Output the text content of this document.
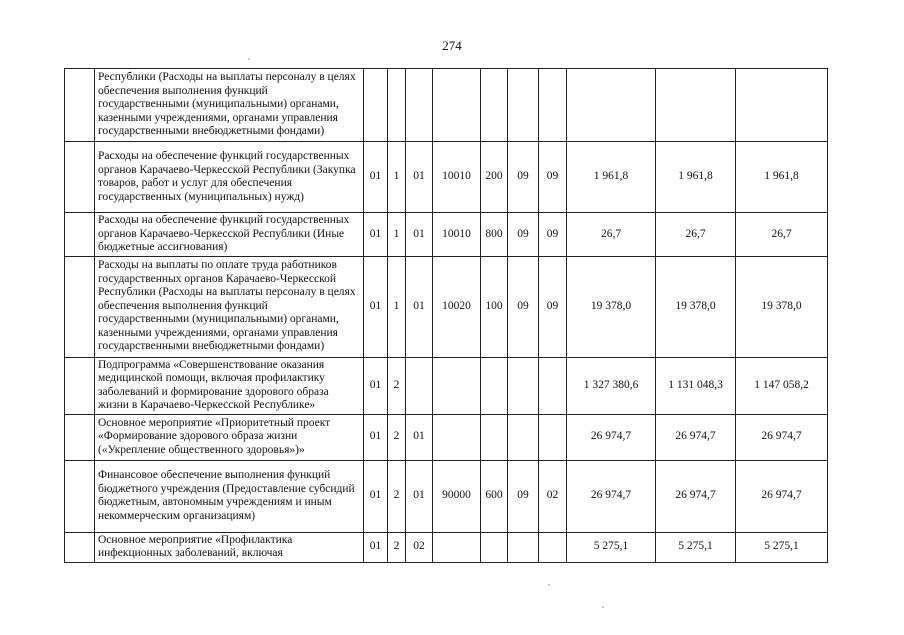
274
	Республики (Расходы на выплаты персоналу в целях обеспечения выполнения функций государственными (муниципальными) органами, казенными учреждениями, органами управления государственными внебюджетными фондами)										
	Расходы на обеспечение функций государственных органов Карачаево-Черкесской Республики (Закупка товаров, работ и услуг для обеспечения государственных (муниципальных) нужд)	01	1	01	10010	200	09	09	1 961,8	1 961,8	1 961,8
	Расходы на обеспечение функций государственных органов Карачаево-Черкесской Республики (Иные бюджетные ассигнования)	01	1	01	10010	800	09	09	26,7	26,7	26,7
	Расходы на выплаты по оплате труда работников государственных органов Карачаево-Черкесской Республики (Расходы на выплаты персоналу в целях обеспечения выполнения функций государственными (муниципальными) органами, казенными учреждениями, органами управления государственными внебюджетными фондами)	01	1	01	10020	100	09	09	19 378,0	19 378,0	19 378,0
	Подпрограмма «Совершенствование оказания медицинской помощи, включая профилактику заболеваний и формирование здорового образа жизни в Карачаево-Черкесской Республике»	01	2						1 327 380,6	1 131 048,3	1 147 058,2
	Основное мероприятие «Приоритетный проект «Формирование здорового образа жизни («Укрепление общественного здоровья»)»	01	2	01					26 974,7	26 974,7	26 974,7
	Финансовое обеспечение выполнения функций бюджетного учреждения (Предоставление субсидий бюджетным, автономным учреждениям и иным некоммерческим организациям)	01	2	01	90000	600	09	02	26 974,7	26 974,7	26 974,7
	Основное мероприятие «Профилактика инфекционных заболеваний, включая	01	2	02					5 275,1	5 275,1	5 275,1
